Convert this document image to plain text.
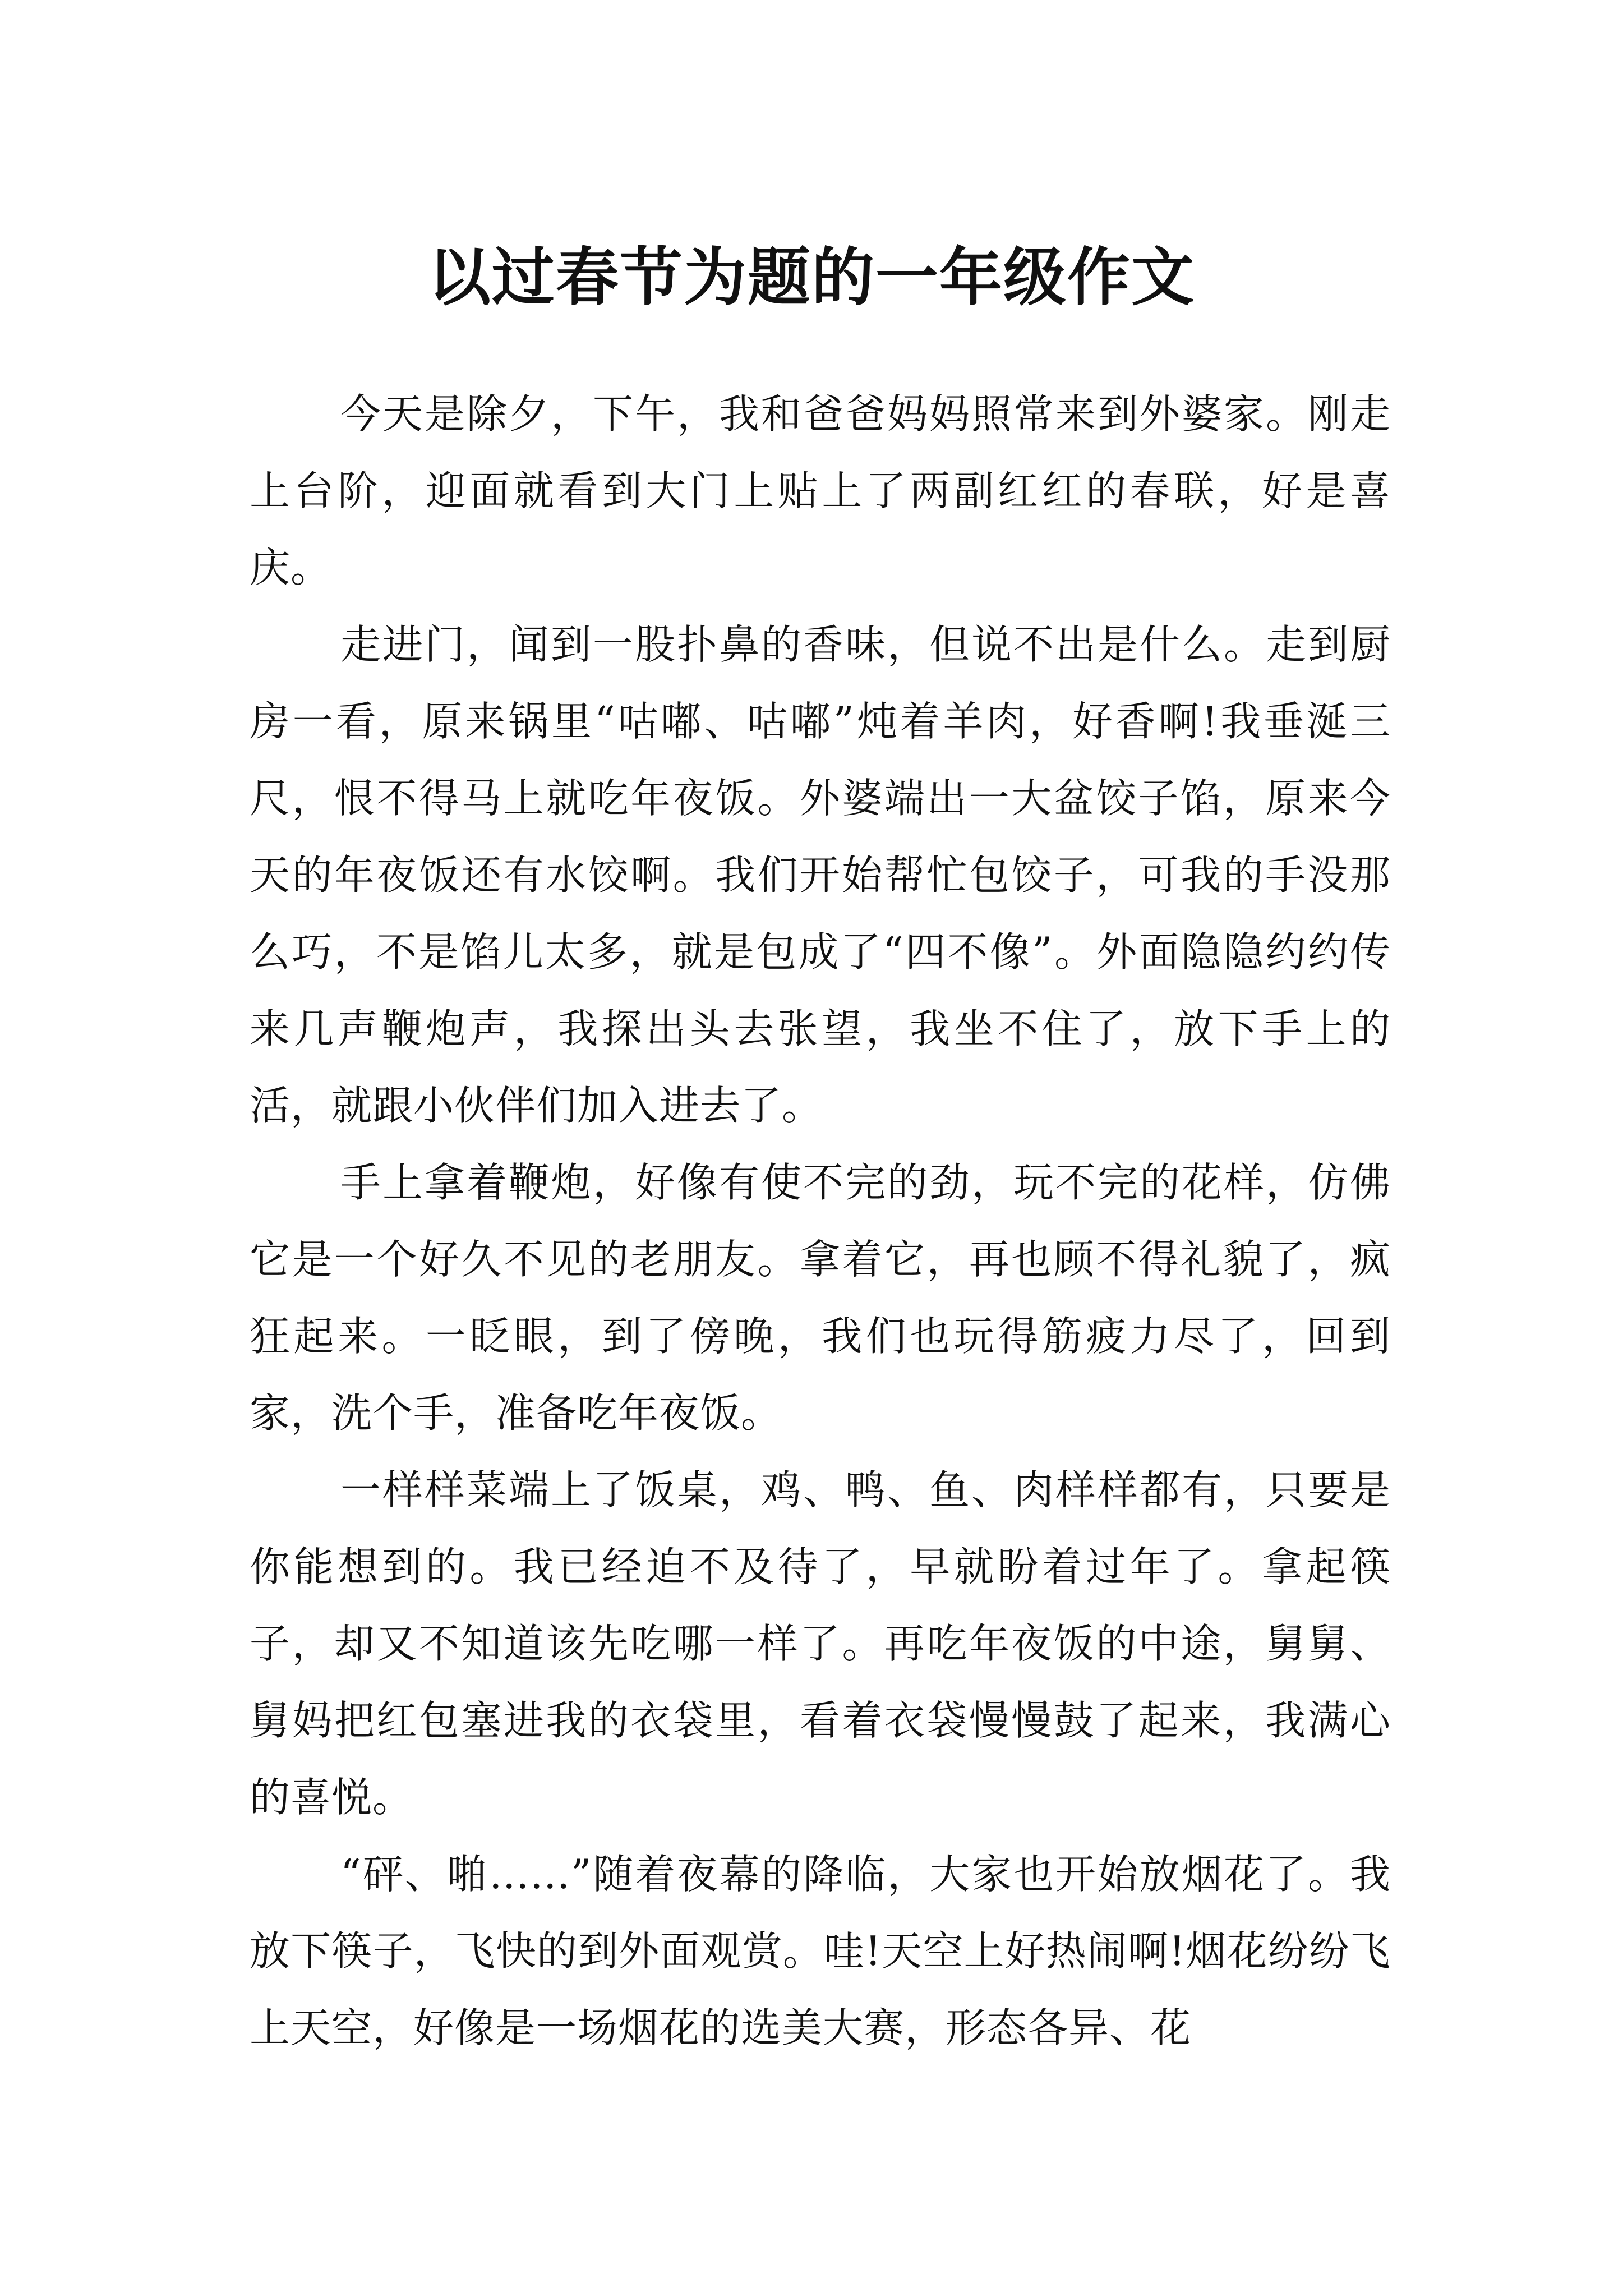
以过春节为题的一年级作文

今天是除夕，下午，我和爸爸妈妈照常来到外婆家。刚走上台阶，迎面就看到大门上贴上了两副红红的春联，好是喜庆。

走进门，闻到一股扑鼻的香味，但说不出是什么。走到厨房一看，原来锅里“咕嘟、咕嘟”炖着羊肉，好香啊!我垂涎三尺，恨不得马上就吃年夜饭。外婆端出一大盆饺子馅，原来今天的年夜饭还有水饺啊。我们开始帮忙包饺子，可我的手没那么巧，不是馅儿太多，就是包成了“四不像”。外面隐隐约约传来几声鞭炮声，我探出头去张望，我坐不住了，放下手上的活，就跟小伙伴们加入进去了。

手上拿着鞭炮，好像有使不完的劲，玩不完的花样，仿佛它是一个好久不见的老朋友。拿着它，再也顾不得礼貌了，疯狂起来。一眨眼，到了傍晚，我们也玩得筋疲力尽了，回到家，洗个手，准备吃年夜饭。

一样样菜端上了饭桌，鸡、鸭、鱼、肉样样都有，只要是你能想到的。我已经迫不及待了，早就盼着过年了。拿起筷子，却又不知道该先吃哪一样了。再吃年夜饭的中途，舅舅、舅妈把红包塞进我的衣袋里，看着衣袋慢慢鼓了起来，我满心的喜悦。

“砰、啪……”随着夜幕的降临，大家也开始放烟花了。我放下筷子，飞快的到外面观赏。哇!天空上好热闹啊!烟花纷纷飞上天空，好像是一场烟花的选美大赛，形态各异、花
